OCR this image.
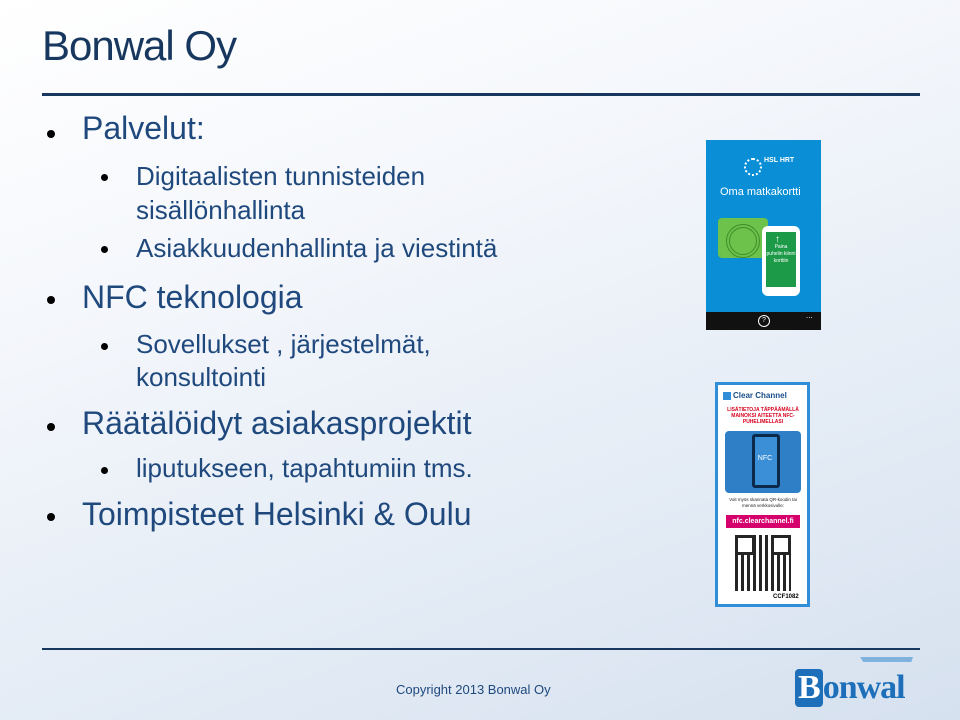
Bonwal Oy
Palvelut:
Digitaalisten tunnisteiden
sisällönhallinta
Asiakkuudenhallinta ja viestintä
NFC teknologia
Sovellukset , järjestelmät,
konsultointi
Räätälöidyt asiakasprojektit
liputukseen, tapahtumiin tms.
Toimpisteet Helsinki & Oulu
HSL HRT
Oma matkakortti
↑
Paina puhelin kiinni korttiin
?
...
Clear Channel
LISÄTIETOJA TÄPPÄÄMÄLLÄ MAINOKSI AITEETTA NFC-PUHELIMELLASI
NFC
Voit myös skannata QR-koodin tai mennä verkkosivulle:
nfc.clearchannel.fi
CCF1082
Copyright 2013 Bonwal Oy	Bonwal
